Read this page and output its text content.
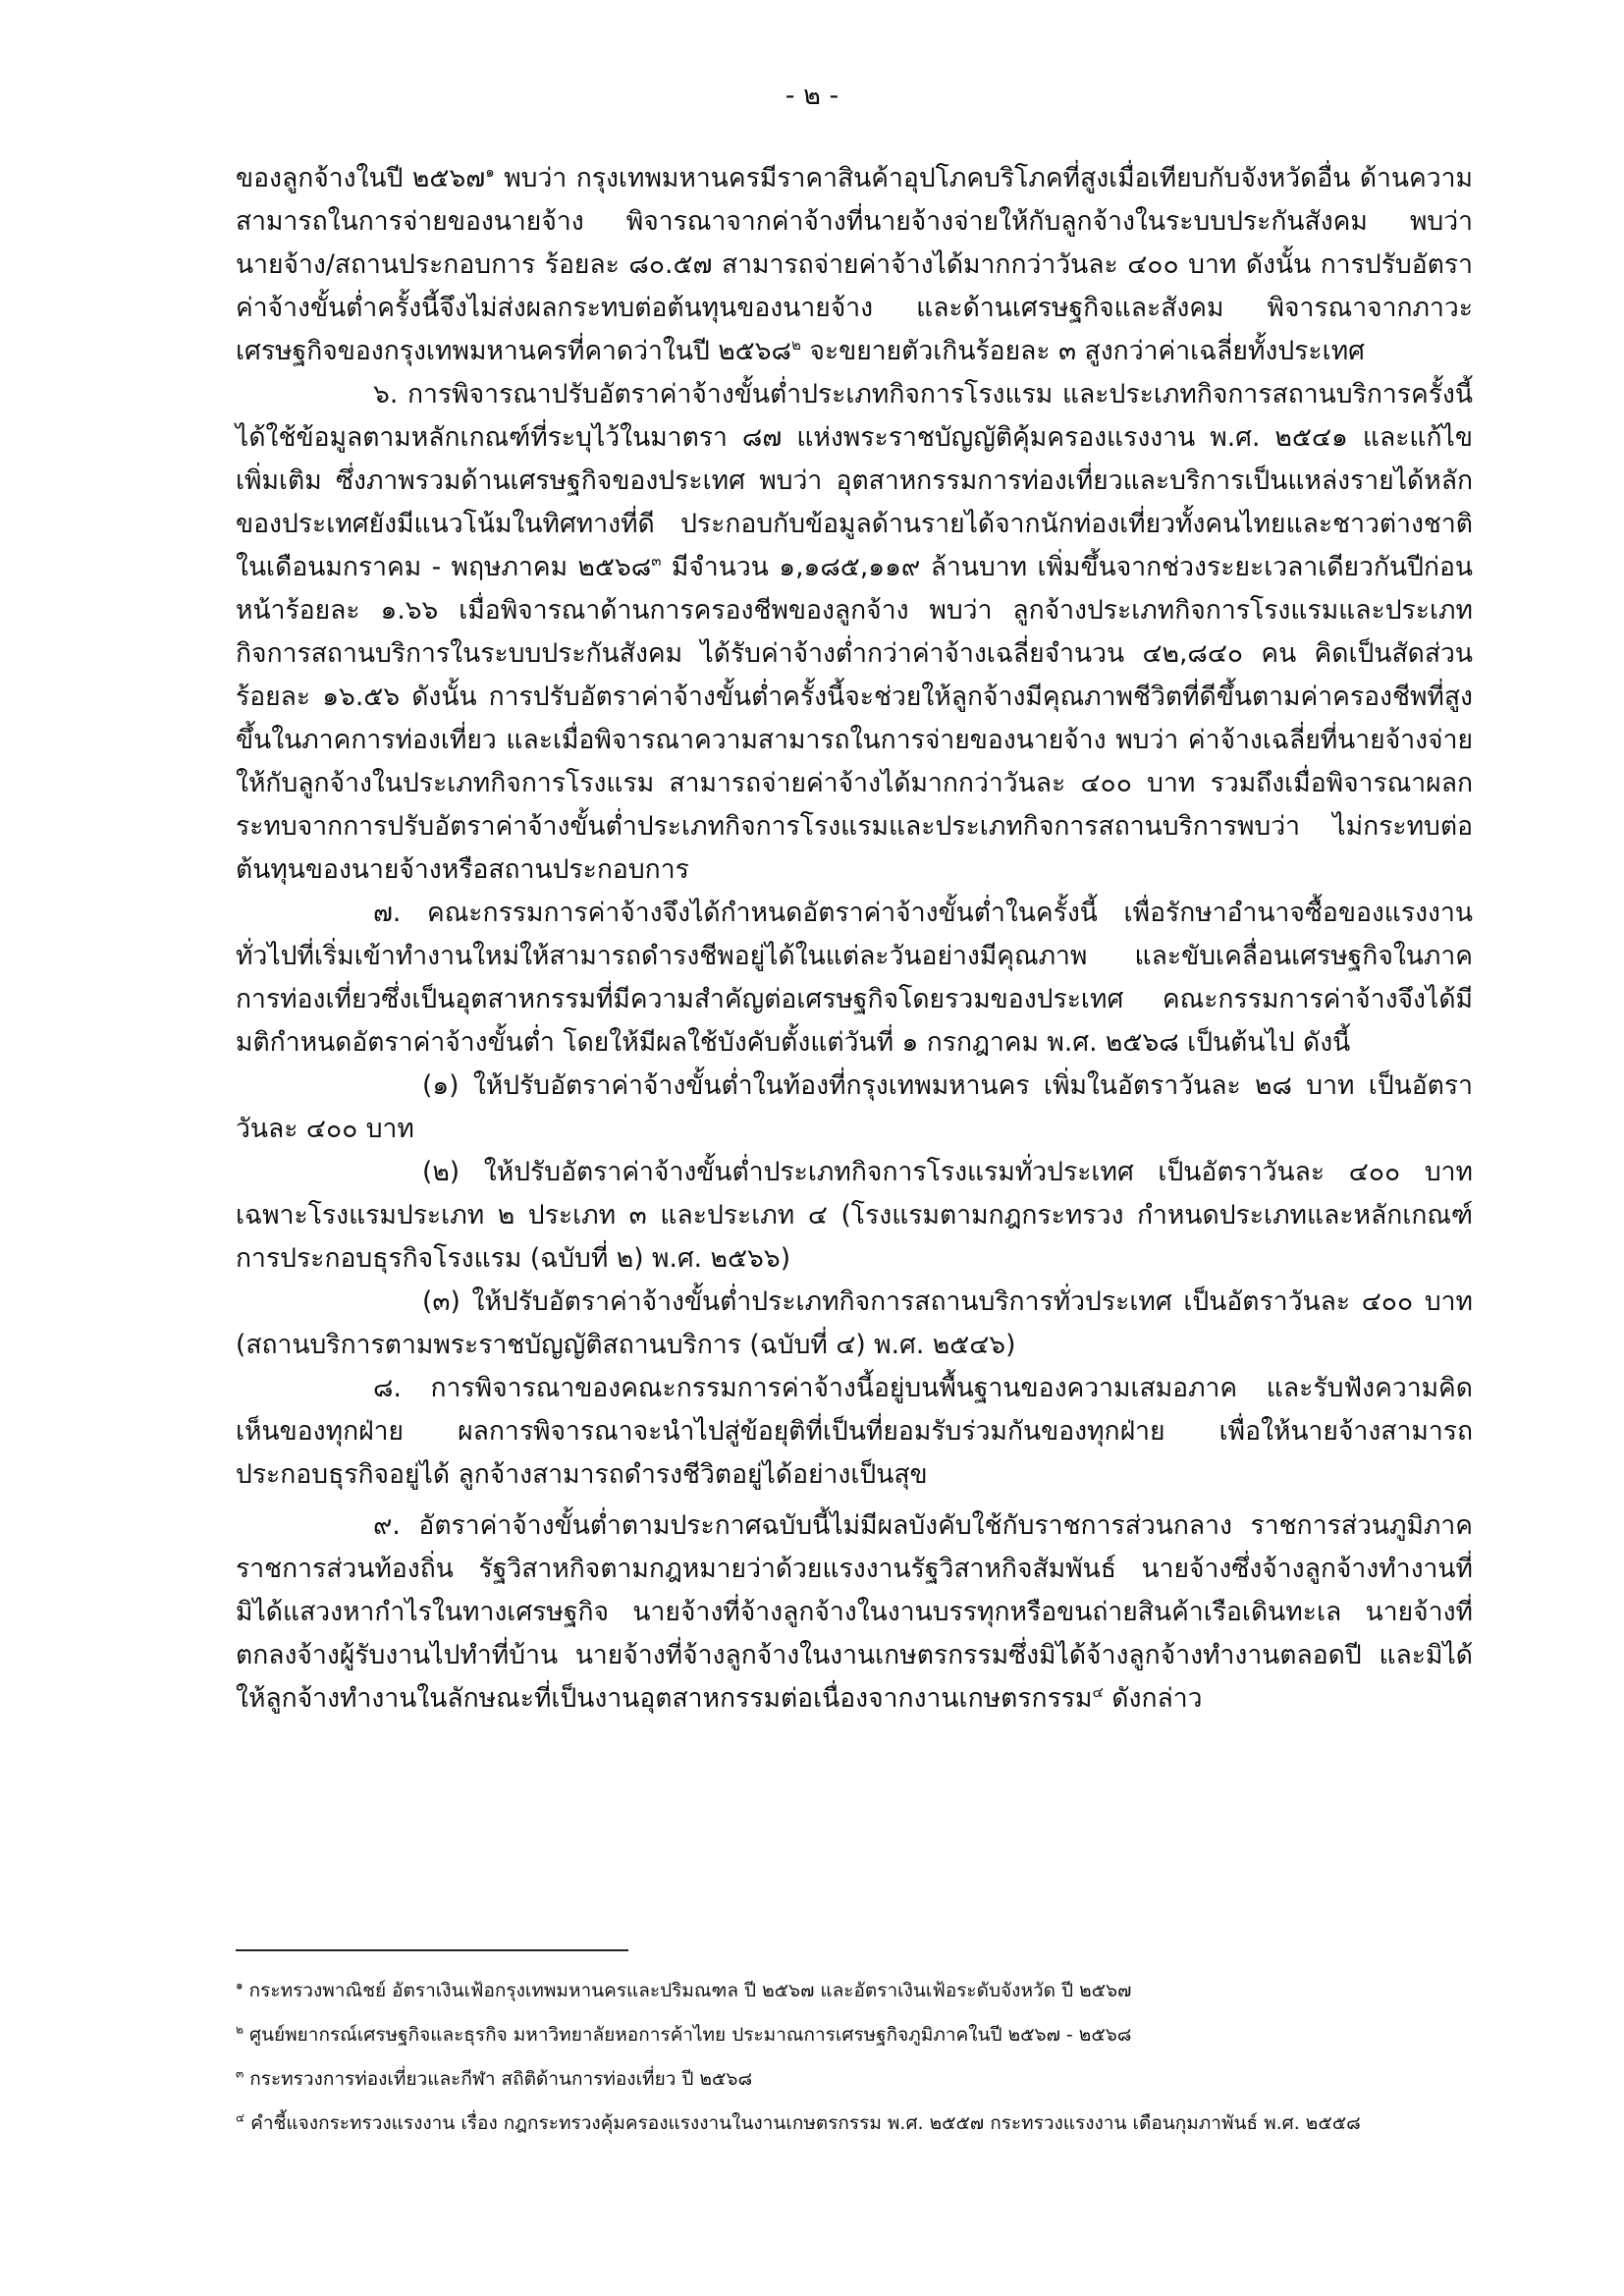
- ๒ -

ของลูกจ้างในปี ๒๕๖๗$^๑$ พบว่า กรุงเทพมหานครมีราคาสินค้าอุปโภคบริโภคที่สูงเมื่อเทียบกับจังหวัดอื่น ด้านความสามารถในการจ่ายของนายจ้าง พิจารณาจากค่าจ้างที่นายจ้างจ่ายให้กับลูกจ้างในระบบประกันสังคม พบว่า นายจ้าง/สถานประกอบการ ร้อยละ ๘๐.๕๗ สามารถจ่ายค่าจ้างได้มากกว่าวันละ ๔๐๐ บาท ดังนั้น การปรับอัตราค่าจ้างขั้นต่ำครั้งนี้จึงไม่ส่งผลกระทบต่อต้นทุนของนายจ้าง และด้านเศรษฐกิจและสังคม พิจารณาจากภาวะเศรษฐกิจของกรุงเทพมหานครที่คาดว่าในปี ๒๕๖๘$^๒$ จะขยายตัวเกินร้อยละ ๓ สูงกว่าค่าเฉลี่ยทั้งประเทศ

๖. การพิจารณาปรับอัตราค่าจ้างขั้นต่ำประเภทกิจการโรงแรม และประเภทกิจการสถานบริการครั้งนี้ ได้ใช้ข้อมูลตามหลักเกณฑ์ที่ระบุไว้ในมาตรา ๘๗ แห่งพระราชบัญญัติคุ้มครองแรงงาน พ.ศ. ๒๕๔๑ และแก้ไขเพิ่มเติม ซึ่งภาพรวมด้านเศรษฐกิจของประเทศ พบว่า อุตสาหกรรมการท่องเที่ยวและบริการเป็นแหล่งรายได้หลักของประเทศยังมีแนวโน้มในทิศทางที่ดี ประกอบกับข้อมูลด้านรายได้จากนักท่องเที่ยวทั้งคนไทยและชาวต่างชาติในเดือนมกราคม - พฤษภาคม ๒๕๖๘$^๓$ มีจำนวน ๑,๑๘๕,๑๑๙ ล้านบาท เพิ่มขึ้นจากช่วงระยะเวลาเดียวกันปีก่อนหน้าร้อยละ ๑.๖๖ เมื่อพิจารณาด้านการครองชีพของลูกจ้าง พบว่า ลูกจ้างประเภทกิจการโรงแรมและประเภทกิจการสถานบริการในระบบประกันสังคม ได้รับค่าจ้างต่ำกว่าค่าจ้างเฉลี่ยจำนวน ๔๒,๘๔๐ คน คิดเป็นสัดส่วนร้อยละ ๑๖.๕๖ ดังนั้น การปรับอัตราค่าจ้างขั้นต่ำครั้งนี้จะช่วยให้ลูกจ้างมีคุณภาพชีวิตที่ดีขึ้นตามค่าครองชีพที่สูงขึ้นในภาคการท่องเที่ยว และเมื่อพิจารณาความสามารถในการจ่ายของนายจ้าง พบว่า ค่าจ้างเฉลี่ยที่นายจ้างจ่ายให้กับลูกจ้างในประเภทกิจการโรงแรม สามารถจ่ายค่าจ้างได้มากกว่าวันละ ๔๐๐ บาท รวมถึงเมื่อพิจารณาผลกระทบจากการปรับอัตราค่าจ้างขั้นต่ำประเภทกิจการโรงแรมและประเภทกิจการสถานบริการพบว่า ไม่กระทบต่อต้นทุนของนายจ้างหรือสถานประกอบการ

๗. คณะกรรมการค่าจ้างจึงได้กำหนดอัตราค่าจ้างขั้นต่ำในครั้งนี้ เพื่อรักษาอำนาจซื้อของแรงงานทั่วไปที่เริ่มเข้าทำงานใหม่ให้สามารถดำรงชีพอยู่ได้ในแต่ละวันอย่างมีคุณภาพ และขับเคลื่อนเศรษฐกิจในภาคการท่องเที่ยวซึ่งเป็นอุตสาหกรรมที่มีความสำคัญต่อเศรษฐกิจโดยรวมของประเทศ คณะกรรมการค่าจ้างจึงได้มีมติกำหนดอัตราค่าจ้างขั้นต่ำ โดยให้มีผลใช้บังคับตั้งแต่วันที่ ๑ กรกฎาคม พ.ศ. ๒๕๖๘ เป็นต้นไป ดังนี้

(๑) ให้ปรับอัตราค่าจ้างขั้นต่ำในท้องที่กรุงเทพมหานคร เพิ่มในอัตราวันละ ๒๘ บาท เป็นอัตราวันละ ๔๐๐ บาท

(๒) ให้ปรับอัตราค่าจ้างขั้นต่ำประเภทกิจการโรงแรมทั่วประเทศ เป็นอัตราวันละ ๔๐๐ บาท เฉพาะโรงแรมประเภท ๒ ประเภท ๓ และประเภท ๔ (โรงแรมตามกฎกระทรวง กำหนดประเภทและหลักเกณฑ์การประกอบธุรกิจโรงแรม (ฉบับที่ ๒) พ.ศ. ๒๕๖๖)

(๓) ให้ปรับอัตราค่าจ้างขั้นต่ำประเภทกิจการสถานบริการทั่วประเทศ เป็นอัตราวันละ ๔๐๐ บาท (สถานบริการตามพระราชบัญญัติสถานบริการ (ฉบับที่ ๔) พ.ศ. ๒๕๔๖)

๘. การพิจารณาของคณะกรรมการค่าจ้างนี้อยู่บนพื้นฐานของความเสมอภาค และรับฟังความคิดเห็นของทุกฝ่าย ผลการพิจารณาจะนำไปสู่ข้อยุติที่เป็นที่ยอมรับร่วมกันของทุกฝ่าย เพื่อให้นายจ้างสามารถประกอบธุรกิจอยู่ได้ ลูกจ้างสามารถดำรงชีวิตอยู่ได้อย่างเป็นสุข

๙. อัตราค่าจ้างขั้นต่ำตามประกาศฉบับนี้ไม่มีผลบังคับใช้กับราชการส่วนกลาง ราชการส่วนภูมิภาค ราชการส่วนท้องถิ่น รัฐวิสาหกิจตามกฎหมายว่าด้วยแรงงานรัฐวิสาหกิจสัมพันธ์ นายจ้างซึ่งจ้างลูกจ้างทำงานที่มิได้แสวงหากำไรในทางเศรษฐกิจ นายจ้างที่จ้างลูกจ้างในงานบรรทุกหรือขนถ่ายสินค้าเรือเดินทะเล นายจ้างที่ตกลงจ้างผู้รับงานไปทำที่บ้าน นายจ้างที่จ้างลูกจ้างในงานเกษตรกรรมซึ่งมิได้จ้างลูกจ้างทำงานตลอดปี และมิได้ให้ลูกจ้างทำงานในลักษณะที่เป็นงานอุตสาหกรรมต่อเนื่องจากงานเกษตรกรรม$^๔$ ดังกล่าว

$^๑$ กระทรวงพาณิชย์ อัตราเงินเฟ้อกรุงเทพมหานครและปริมณฑล ปี ๒๕๖๗ และอัตราเงินเฟ้อระดับจังหวัด ปี ๒๕๖๗

$^๒$ ศูนย์พยากรณ์เศรษฐกิจและธุรกิจ มหาวิทยาลัยหอการค้าไทย ประมาณการเศรษฐกิจภูมิภาคในปี ๒๕๖๗ - ๒๕๖๘

$^๓$ กระทรวงการท่องเที่ยวและกีฬา สถิติด้านการท่องเที่ยว ปี ๒๕๖๘

$^๔$ คำชี้แจงกระทรวงแรงงาน เรื่อง กฎกระทรวงคุ้มครองแรงงานในงานเกษตรกรรม พ.ศ. ๒๕๕๗ กระทรวงแรงงาน เดือนกุมภาพันธ์ พ.ศ. ๒๕๕๘
